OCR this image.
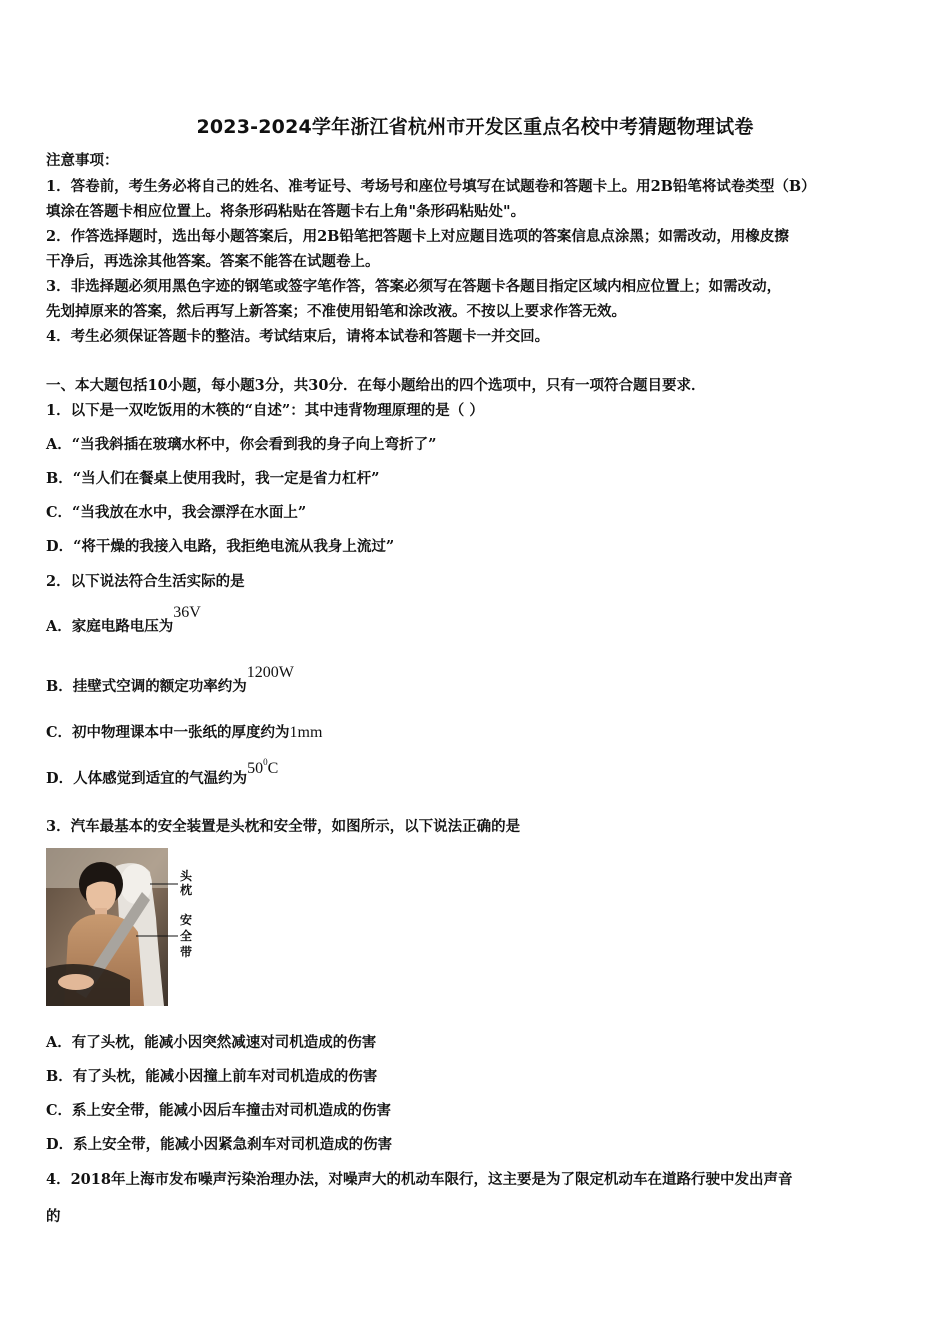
2023-2024学年浙江省杭州市开发区重点名校中考猜题物理试卷
注意事项：
1．答卷前，考生务必将自己的姓名、准考证号、考场号和座位号填写在试题卷和答题卡上。用2B铅笔将试卷类型（B）
填涂在答题卡相应位置上。将条形码粘贴在答题卡右上角"条形码粘贴处"。
2．作答选择题时，选出每小题答案后，用2B铅笔把答题卡上对应题目选项的答案信息点涂黑；如需改动，用橡皮擦
干净后，再选涂其他答案。答案不能答在试题卷上。
3．非选择题必须用黑色字迹的钢笔或签字笔作答，答案必须写在答题卡各题目指定区域内相应位置上；如需改动，
先划掉原来的答案，然后再写上新答案；不准使用铅笔和涂改液。不按以上要求作答无效。
4．考生必须保证答题卡的整洁。考试结束后，请将本试卷和答题卡一并交回。
一、本大题包括10小题，每小题3分，共30分．在每小题给出的四个选项中，只有一项符合题目要求．
1．以下是一双吃饭用的木筷的“自述”：其中违背物理原理的是（ ）
A．“当我斜插在玻璃水杯中，你会看到我的身子向上弯折了”
B．“当人们在餐桌上使用我时，我一定是省力杠杆”
C．“当我放在水中，我会漂浮在水面上”
D．“将干燥的我接入电路，我拒绝电流从我身上流过”
2．以下说法符合生活实际的是
A．家庭电路电压为36V
B．挂壁式空调的额定功率约为1200W
C．初中物理课本中一张纸的厚度约为1mm
D．人体感觉到适宜的气温约为$50^0C$
3．汽车最基本的安全装置是头枕和安全带，如图所示，以下说法正确的是
头
枕
安
全
带
A．有了头枕，能减小因突然减速对司机造成的伤害
B．有了头枕，能减小因撞上前车对司机造成的伤害
C．系上安全带，能减小因后车撞击对司机造成的伤害
D．系上安全带，能减小因紧急刹车对司机造成的伤害
4．2018年上海市发布噪声污染治理办法，对噪声大的机动车限行，这主要是为了限定机动车在道路行驶中发出声音
的
